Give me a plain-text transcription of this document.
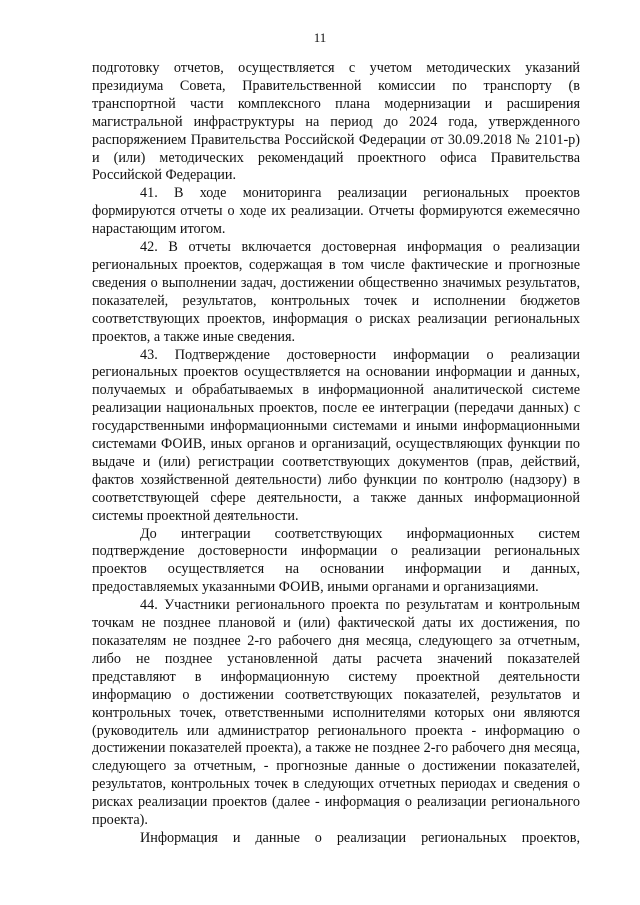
11

подготовку отчетов, осуществляется с учетом методических указаний президиума Совета, Правительственной комиссии по транспорту (в транспортной части комплексного плана модернизации и расширения магистральной инфраструктуры на период до 2024 года, утвержденного распоряжением Правительства Российской Федерации от 30.09.2018 № 2101-р) и (или) методических рекомендаций проектного офиса Правительства Российской Федерации.

41. В ходе мониторинга реализации региональных проектов формируются отчеты о ходе их реализации. Отчеты формируются ежемесячно нарастающим итогом.

42. В отчеты включается достоверная информация о реализации региональных проектов, содержащая в том числе фактические и прогнозные сведения о выполнении задач, достижении общественно значимых результатов, показателей, результатов, контрольных точек и исполнении бюджетов соответствующих проектов, информация о рисках реализации региональных проектов, а также иные сведения.

43. Подтверждение достоверности информации о реализации региональных проектов осуществляется на основании информации и данных, получаемых и обрабатываемых в информационной аналитической системе реализации национальных проектов, после ее интеграции (передачи данных) с государственными информационными системами и иными информационными системами ФОИВ, иных органов и организаций, осуществляющих функции по выдаче и (или) регистрации соответствующих документов (прав, действий, фактов хозяйственной деятельности) либо функции по контролю (надзору) в соответствующей сфере деятельности, а также данных информационной системы проектной деятельности.

До интеграции соответствующих информационных систем подтверждение достоверности информации о реализации региональных проектов осуществляется на основании информации и данных, предоставляемых указанными ФОИВ, иными органами и организациями.

44. Участники регионального проекта по результатам и контрольным точкам не позднее плановой и (или) фактической даты их достижения, по показателям не позднее 2-го рабочего дня месяца, следующего за отчетным, либо не позднее установленной даты расчета значений показателей представляют в информационную систему проектной деятельности информацию о достижении соответствующих показателей, результатов и контрольных точек, ответственными исполнителями которых они являются (руководитель или администратор регионального проекта - информацию о достижении показателей проекта), а также не позднее 2-го рабочего дня месяца, следующего за отчетным, - прогнозные данные о достижении показателей, результатов, контрольных точек в следующих отчетных периодах и сведения о рисках реализации проектов (далее - информация о реализации регионального проекта).

Информация и данные о реализации региональных проектов,
